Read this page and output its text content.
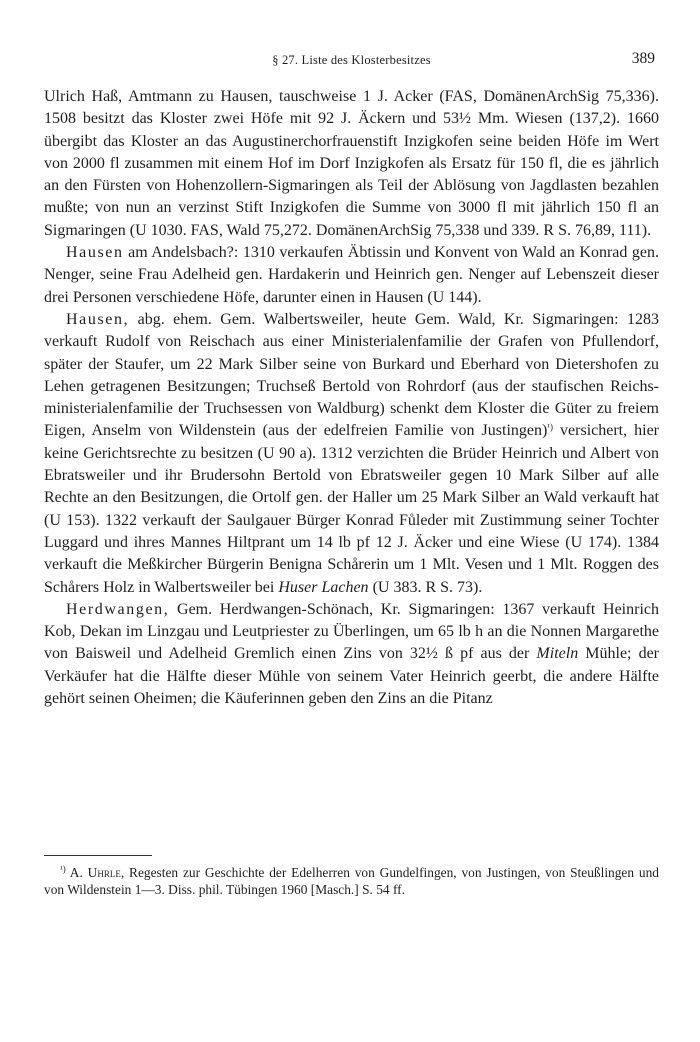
§ 27. Liste des Klosterbesitzes	389

Ulrich Haß, Amtmann zu Hausen, tauschweise 1 J. Acker (FAS, DomänenArchSig 75,336). 1508 besitzt das Kloster zwei Höfe mit 92 J. Äckern und 53½ Mm. Wiesen (137,2). 1660 übergibt das Kloster an das Augustinerchorfrauenstift Inzigkofen seine beiden Höfe im Wert von 2000 fl zusammen mit einem Hof im Dorf Inzigkofen als Ersatz für 150 fl, die es jährlich an den Fürsten von Hohenzollern-Sigmaringen als Teil der Ablösung von Jagdlasten bezahlen mußte; von nun an verzinst Stift Inzigkofen die Summe von 3000 fl mit jährlich 150 fl an Sigmaringen (U 1030. FAS, Wald 75,272. DomänenArchSig 75,338 und 339. R S. 76,89, 111).

Hausen am Andelsbach?: 1310 verkaufen Äbtissin und Konvent von Wald an Konrad gen. Nenger, seine Frau Adelheid gen. Hardakerin und Heinrich gen. Nenger auf Lebenszeit dieser drei Personen verschiedene Höfe, darunter einen in Hausen (U 144).

Hausen, abg. ehem. Gem. Walbertsweiler, heute Gem. Wald, Kr. Sigmaringen: 1283 verkauft Rudolf von Reischach aus einer Ministerialenfamilie der Grafen von Pfullendorf, später der Staufer, um 22 Mark Silber seine von Burkard und Eberhard von Dietershofen zu Lehen getragenen Besitzungen; Truchseß Bertold von Rohrdorf (aus der staufischen Reichsministerialenfamilie der Truchsessen von Waldburg) schenkt dem Kloster die Güter zu freiem Eigen, Anselm von Wildenstein (aus der edelfreien Familie von Justingen)$^{^1)}$ versichert, hier keine Gerichtsrechte zu besitzen (U 90 a). 1312 verzichten die Brüder Heinrich und Albert von Ebratsweiler und ihr Brudersohn Bertold von Ebratsweiler gegen 10 Mark Silber auf alle Rechte an den Besitzungen, die Ortolf gen. der Haller um 25 Mark Silber an Wald verkauft hat (U 153). 1322 verkauft der Saulgauer Bürger Konrad Fůleder mit Zustimmung seiner Tochter Luggard und ihres Mannes Hiltprant um 14 lb pf 12 J. Äcker und eine Wiese (U 174). 1384 verkauft die Meßkircher Bürgerin Benigna Schårerin um 1 Mlt. Vesen und 1 Mlt. Roggen des Schårers Holz in Walbertsweiler bei Huser Lachen (U 383. R S. 73).

Herdwangen, Gem. Herdwangen-Schönach, Kr. Sigmaringen: 1367 verkauft Heinrich Kob, Dekan im Linzgau und Leutpriester zu Überlingen, um 65 lb h an die Nonnen Margarethe von Baisweil und Adelheid Gremlich einen Zins von 32½ ß pf aus der Miteln Mühle; der Verkäufer hat die Hälfte dieser Mühle von seinem Vater Heinrich geerbt, die andere Hälfte gehört seinen Oheimen; die Käuferinnen geben den Zins an die Pitanz

$^{^1)}$ A. Uhrle, Regesten zur Geschichte der Edelherren von Gundelfingen, von Justingen, von Steußlingen und von Wildenstein 1—3. Diss. phil. Tübingen 1960 [Masch.] S. 54 ff.
